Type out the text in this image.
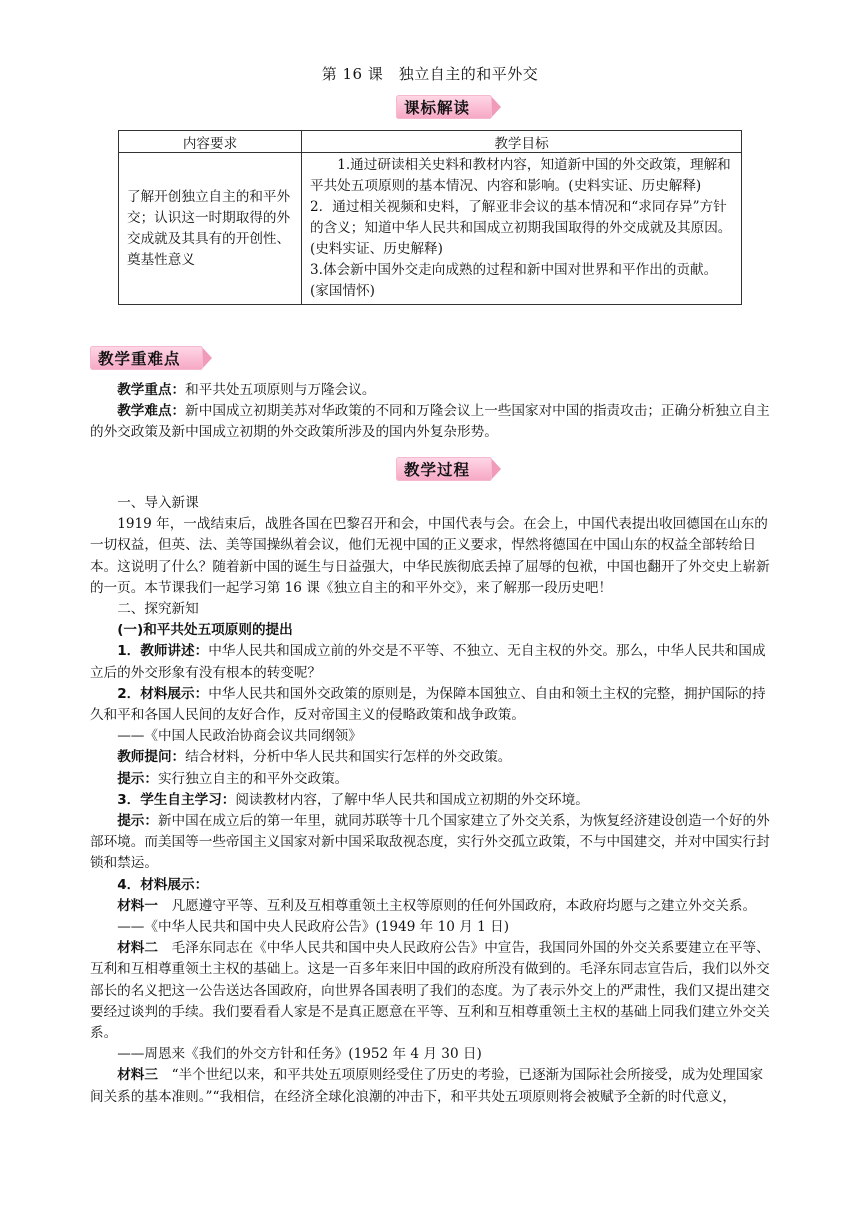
第 16 课　独立自主的和平外交
课标解读
内容要求	教学目标
了解开创独立自主的和平外交；认识这一时期取得的外交成就及其具有的开创性、奠基性意义	1.通过研读相关史料和教材内容，知道新中国的外交政策，理解和平共处五项原则的基本情况、内容和影响。(史料实证、历史解释)

2．通过相关视频和史料，了解亚非会议的基本情况和“求同存异”方针的含义；知道中华人民共和国成立初期我国取得的外交成就及其原因。(史料实证、历史解释)

3.体会新中国外交走向成熟的过程和新中国对世界和平作出的贡献。(家国情怀)

教学重难点

教学重点：和平共处五项原则与万隆会议。

教学难点：新中国成立初期美苏对华政策的不同和万隆会议上一些国家对中国的指责攻击；正确分析独立自主的外交政策及新中国成立初期的外交政策所涉及的国内外复杂形势。

教学过程

一、导入新课

1919 年，一战结束后，战胜各国在巴黎召开和会，中国代表与会。在会上，中国代表提出收回德国在山东的一切权益，但英、法、美等国操纵着会议，他们无视中国的正义要求，悍然将德国在中国山东的权益全部转给日本。这说明了什么？随着新中国的诞生与日益强大，中华民族彻底丢掉了屈辱的包袱，中国也翻开了外交史上崭新的一页。本节课我们一起学习第 16 课《独立自主的和平外交》，来了解那一段历史吧！

二、探究新知

(一)和平共处五项原则的提出

1．教师讲述：中华人民共和国成立前的外交是不平等、不独立、无自主权的外交。那么，中华人民共和国成立后的外交形象有没有根本的转变呢？

2．材料展示：中华人民共和国外交政策的原则是，为保障本国独立、自由和领土主权的完整，拥护国际的持久和平和各国人民间的友好合作，反对帝国主义的侵略政策和战争政策。

——《中国人民政治协商会议共同纲领》

教师提问：结合材料，分析中华人民共和国实行怎样的外交政策。

提示：实行独立自主的和平外交政策。

3．学生自主学习：阅读教材内容，了解中华人民共和国成立初期的外交环境。

提示：新中国在成立后的第一年里，就同苏联等十几个国家建立了外交关系，为恢复经济建设创造一个好的外部环境。而美国等一些帝国主义国家对新中国采取敌视态度，实行外交孤立政策，不与中国建交，并对中国实行封锁和禁运。

4．材料展示：

材料一　 凡愿遵守平等、互利及互相尊重领土主权等原则的任何外国政府，本政府均愿与之建立外交关系。

——《中华人民共和国中央人民政府公告》(1949 年 10 月 1 日)

材料二　 毛泽东同志在《中华人民共和国中央人民政府公告》中宣告，我国同外国的外交关系要建立在平等、互利和互相尊重领土主权的基础上。这是一百多年来旧中国的政府所没有做到的。毛泽东同志宣告后，我们以外交部长的名义把这一公告送达各国政府，向世界各国表明了我们的态度。为了表示外交上的严肃性，我们又提出建交要经过谈判的手续。我们要看看人家是不是真正愿意在平等、互利和互相尊重领土主权的基础上同我们建立外交关系。

——周恩来《我们的外交方针和任务》(1952 年 4 月 30 日)

材料三　 “半个世纪以来，和平共处五项原则经受住了历史的考验，已逐渐为国际社会所接受，成为处理国家间关系的基本准则。”“我相信，在经济全球化浪潮的冲击下，和平共处五项原则将会被赋予全新的时代意义，
